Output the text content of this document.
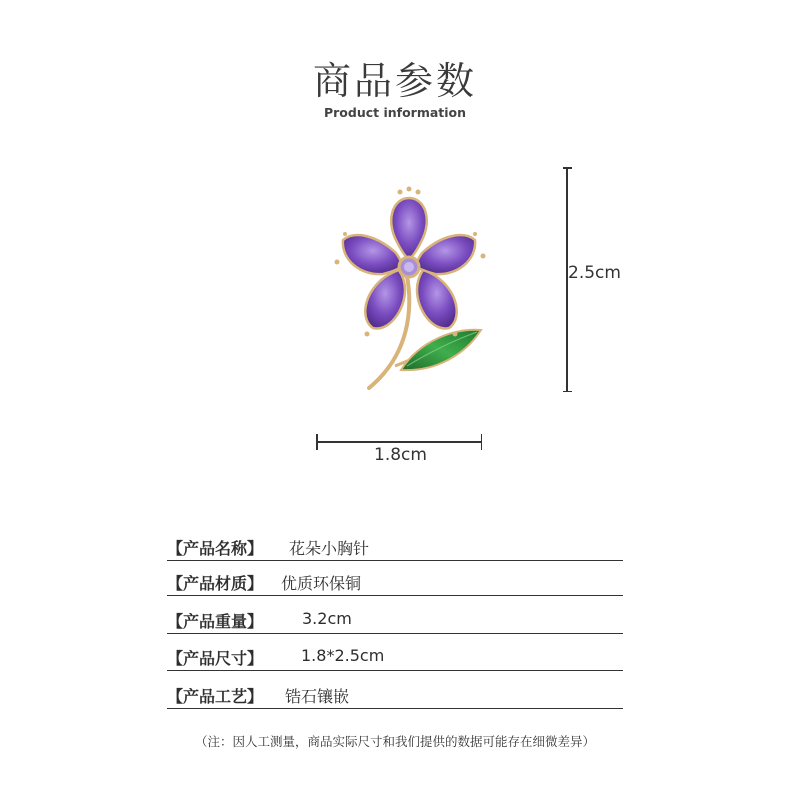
商品参数
Product information
2.5cm
1.8cm
【产品名称】 花朵小胸针
【产品材质】 优质环保铜
【产品重量】 3.2cm
【产品尺寸】 1.8*2.5cm
【产品工艺】 锆石镶嵌
（注：因人工测量，商品实际尺寸和我们提供的数据可能存在细微差异）
